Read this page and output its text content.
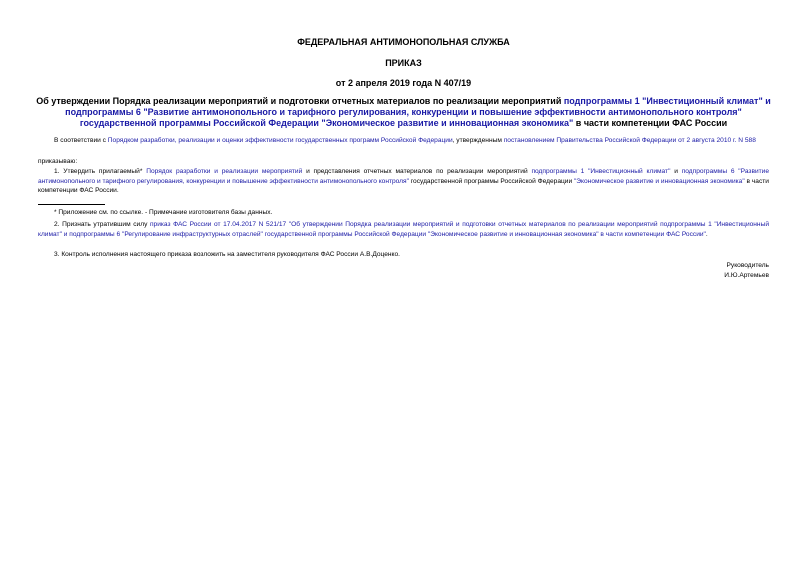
ФЕДЕРАЛЬНАЯ АНТИМОНОПОЛЬНАЯ СЛУЖБА
ПРИКАЗ
от 2 апреля 2019 года N 407/19
Об утверждении Порядка реализации мероприятий и подготовки отчетных материалов по реализации мероприятий подпрограммы 1 "Инвестиционный климат" и подпрограммы 6 "Развитие антимонопольного и тарифного регулирования, конкуренции и повышение эффективности антимонопольного контроля" государственной программы Российской Федерации "Экономическое развитие и инновационная экономика" в части компетенции ФАС России
В соответствии с Порядком разработки, реализации и оценки эффективности государственных программ Российской Федерации, утвержденным постановлением Правительства Российской Федерации от 2 августа 2010 г. N 588
приказываю:
1. Утвердить прилагаемый* Порядок разработки и реализации мероприятий и представления отчетных материалов по реализации мероприятий подпрограммы 1 "Инвестиционный климат" и подпрограммы 6 "Развитие антимонопольного и тарифного регулирования, конкуренции и повышение эффективности антимонопольного контроля" государственной программы Российской Федерации "Экономическое развитие и инновационная экономика" в части компетенции ФАС России.
* Приложение см. по ссылке. - Примечание изготовителя базы данных.
2. Признать утратившим силу приказ ФАС России от 17.04.2017 N 521/17 "Об утверждении Порядка реализации мероприятий и подготовки отчетных материалов по реализации мероприятий подпрограммы 1 "Инвестиционный климат" и подпрограммы 6 "Регулирование инфраструктурных отраслей" государственной программы Российской Федерации "Экономическое развитие и инновационная экономика" в части компетенции ФАС России".
3. Контроль исполнения настоящего приказа возложить на заместителя руководителя ФАС России А.В.Доценко.
Руководитель
И.Ю.Артемьев
